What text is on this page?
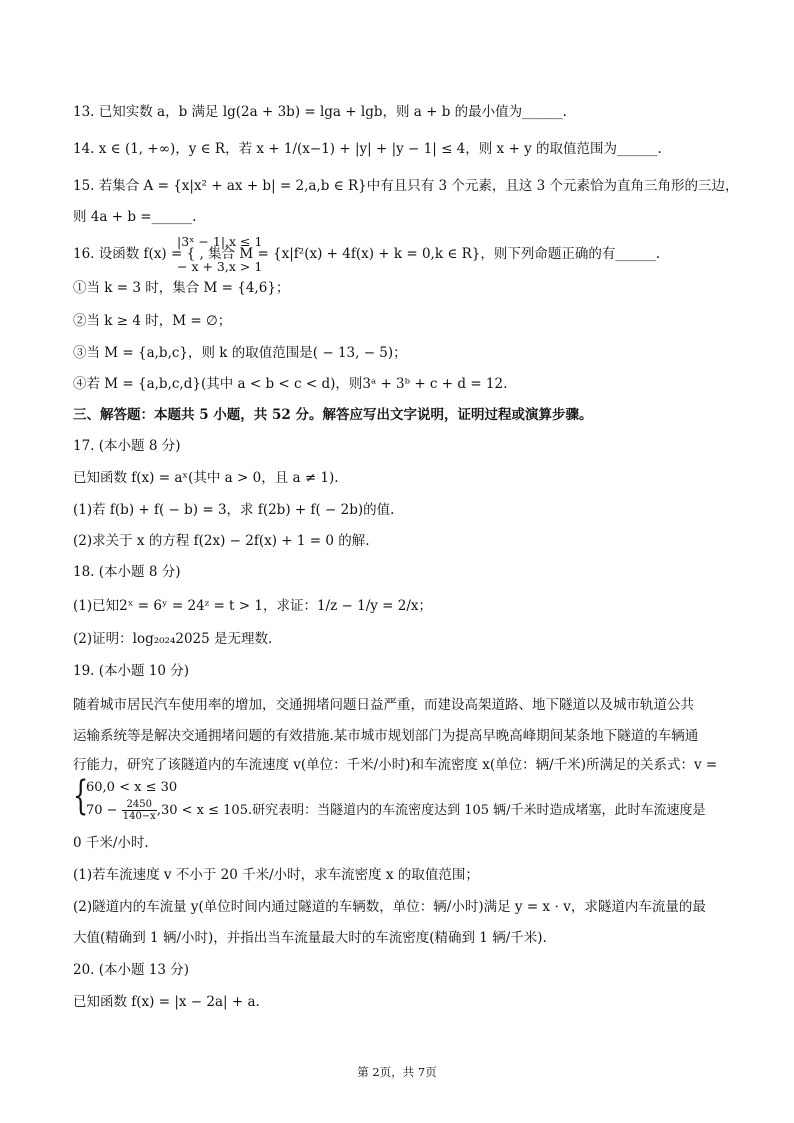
13. 已知实数 a，b 满足 lg(2a + 3b) = lga + lgb，则 a + b 的最小值为______.
14. x ∈ (1, +∞)，y ∈ R，若 x + 1/(x−1) + |y| + |y − 1| ≤ 4，则 x + y 的取值范围为______.
15. 若集合 A = {x|x² + ax + b| = 2,a,b ∈ R}中有且只有 3 个元素，且这 3 个元素恰为直角三角形的三边，
则 4a + b =______.
|3ˣ − 1|,x ≤ 1
16. 设函数 f(x) = { , 集合 M = {x|f²(x) + 4f(x) + k = 0,k ∈ R}，则下列命题正确的有______.
− x + 3,x > 1
①当 k = 3 时，集合 M = {4,6}；
②当 k ≥ 4 时，M = ∅；
③当 M = {a,b,c}，则 k 的取值范围是( − 13, − 5)；
④若 M = {a,b,c,d}(其中 a < b < c < d)，则3ᵃ + 3ᵇ + c + d = 12.
三、解答题：本题共 5 小题，共 52 分。解答应写出文字说明，证明过程或演算步骤。
17. (本小题 8 分)
已知函数 f(x) = aˣ(其中 a > 0，且 a ≠ 1).
(1)若 f(b) + f( − b) = 3，求 f(2b) + f( − 2b)的值.
(2)求关于 x 的方程 f(2x) − 2f(x) + 1 = 0 的解.
18. (本小题 8 分)
(1)已知2ˣ = 6ʸ = 24ᶻ = t > 1，求证：1/z − 1/y = 2/x；
(2)证明：log₂₀₂₄2025 是无理数.
19. (本小题 10 分)
随着城市居民汽车使用率的增加，交通拥堵问题日益严重，而建设高架道路、地下隧道以及城市轨道公共
运输系统等是解决交通拥堵问题的有效措施.某市城市规划部门为提高早晚高峰期间某条地下隧道的车辆通
行能力，研究了该隧道内的车流速度 v(单位：千米/小时)和车流密度 x(单位：辆/千米)所满足的关系式：v =
{
60,0 < x ≤ 30
$70 - \frac{2450}{140-x} ,30 < x \le 105$.研究表明：当隧道内的车流密度达到 105 辆/千米时造成堵塞，此时车流速度是
0 千米/小时.
(1)若车流速度 v 不小于 20 千米/小时，求车流密度 x 的取值范围；
(2)隧道内的车流量 y(单位时间内通过隧道的车辆数，单位：辆/小时)满足 y = x ⋅ v，求隧道内车流量的最
大值(精确到 1 辆/小时)，并指出当车流量最大时的车流密度(精确到 1 辆/千米).
20. (本小题 13 分)
已知函数 f(x) = |x − 2a| + a.
第 2页，共 7页
